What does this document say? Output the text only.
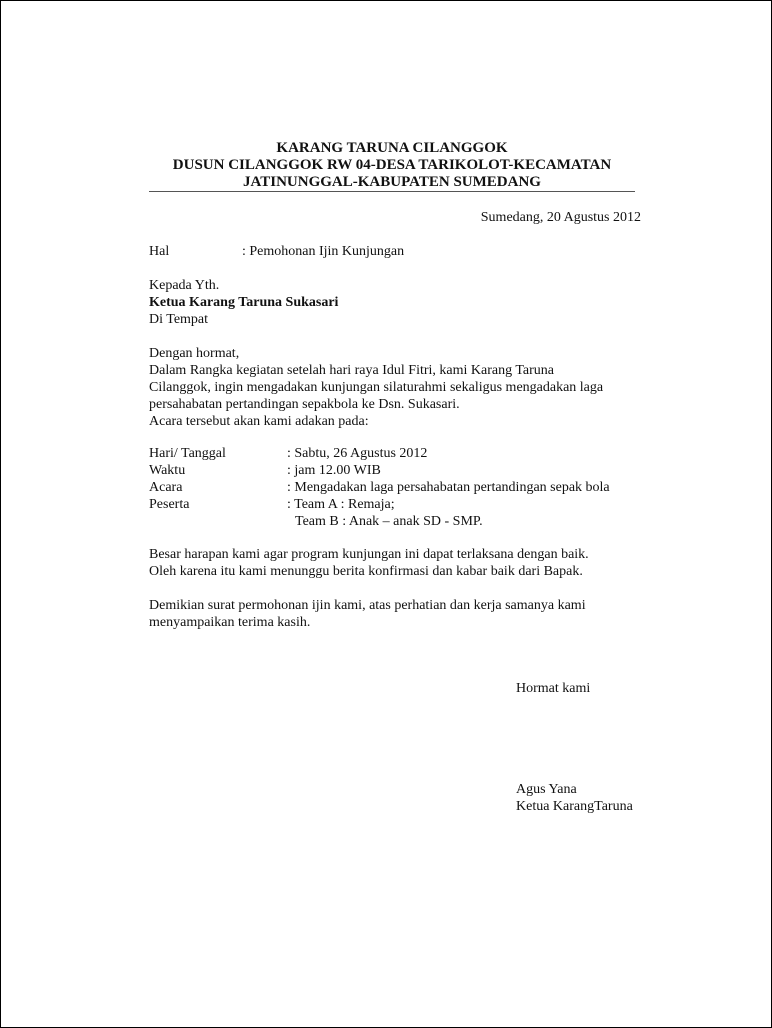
KARANG TARUNA CILANGGOK
DUSUN CILANGGOK RW 04-DESA TARIKOLOT-KECAMATAN
JATINUNGGAL-KABUPATEN SUMEDANG
Sumedang, 20 Agustus 2012
Hal	: Pemohonan Ijin Kunjungan
Kepada Yth.
Ketua Karang Taruna Sukasari
Di Tempat
Dengan hormat,
Dalam Rangka kegiatan setelah hari raya Idul Fitri, kami Karang Taruna
Cilanggok, ingin mengadakan kunjungan silaturahmi sekaligus mengadakan laga
persahabatan pertandingan sepakbola ke Dsn. Sukasari.
Acara tersebut akan kami adakan pada:
Hari/ Tanggal	: Sabtu, 26 Agustus 2012
Waktu	: jam 12.00 WIB
Acara	: Mengadakan laga persahabatan pertandingan sepak bola
Peserta	: Team A : Remaja;
Team B : Anak – anak SD - SMP.
Besar harapan kami agar program kunjungan ini dapat terlaksana dengan baik.
Oleh karena itu kami menunggu berita konfirmasi dan kabar baik dari Bapak.
Demikian surat permohonan ijin kami, atas perhatian dan kerja samanya kami
menyampaikan terima kasih.
Hormat kami
Agus Yana
Ketua KarangTaruna
